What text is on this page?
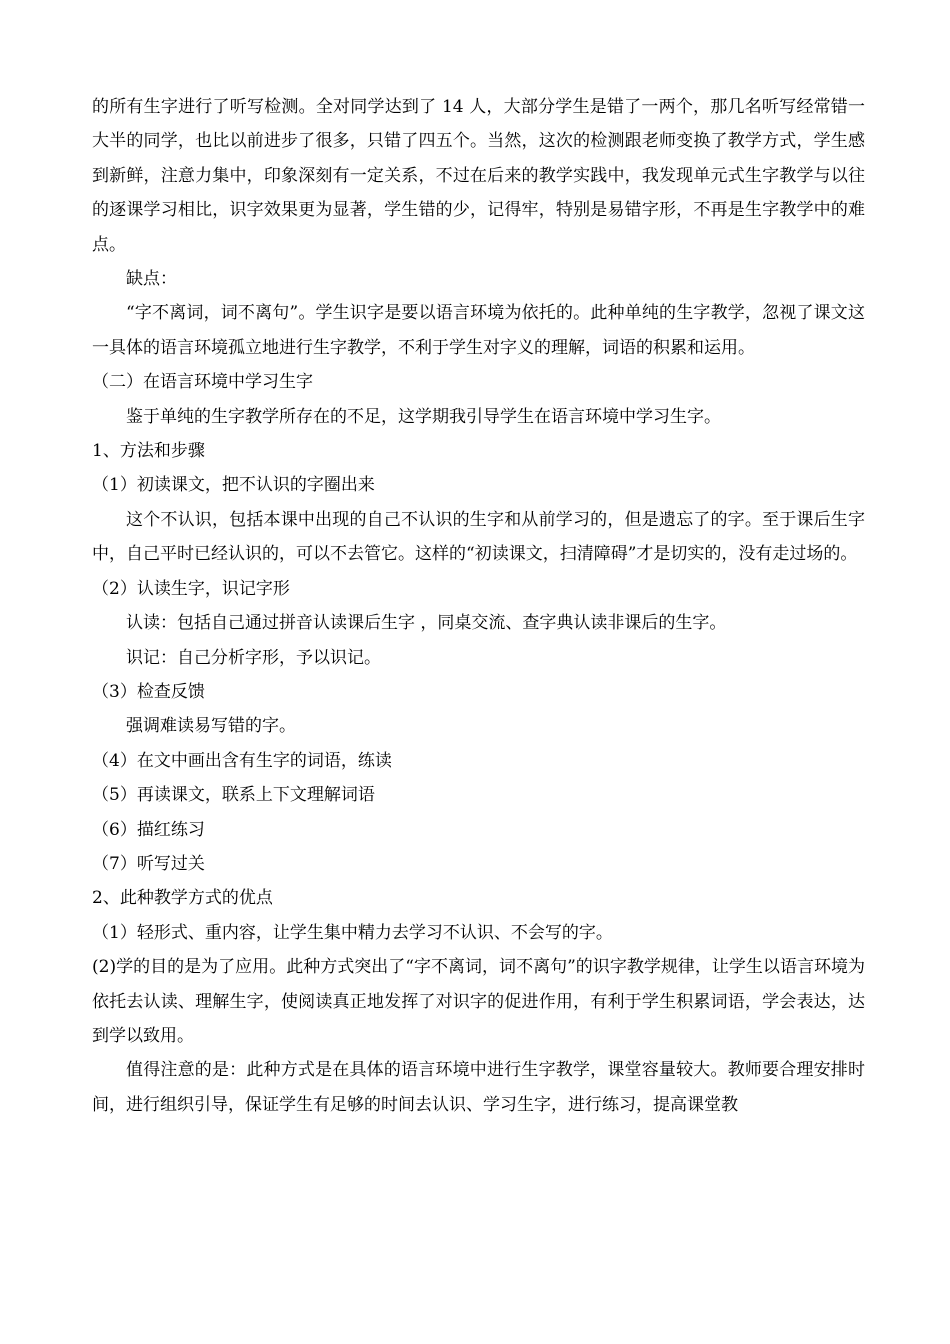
的所有生字进行了听写检测。全对同学达到了 14 人，大部分学生是错了一两个，那几名听写经常错一大半的同学，也比以前进步了很多，只错了四五个。当然，这次的检测跟老师变换了教学方式，学生感到新鲜，注意力集中，印象深刻有一定关系，不过在后来的教学实践中，我发现单元式生字教学与以往的逐课学习相比，识字效果更为显著，学生错的少，记得牢，特别是易错字形，不再是生字教学中的难点。

缺点：

“字不离词，词不离句”。学生识字是要以语言环境为依托的。此种单纯的生字教学，忽视了课文这一具体的语言环境孤立地进行生字教学，不利于学生对字义的理解，词语的积累和运用。

（二）在语言环境中学习生字

鉴于单纯的生字教学所存在的不足，这学期我引导学生在语言环境中学习生字。

1、方法和步骤

（1）初读课文，把不认识的字圈出来

这个不认识，包括本课中出现的自己不认识的生字和从前学习的，但是遗忘了的字。至于课后生字中，自己平时已经认识的，可以不去管它。这样的“初读课文，扫清障碍”才是切实的，没有走过场的。

（2）认读生字，识记字形

认读：包括自己通过拼音认读课后生字 ，同桌交流、查字典认读非课后的生字。

识记：自己分析字形，予以识记。

（3）检查反馈

强调难读易写错的字。

（4）在文中画出含有生字的词语，练读

（5）再读课文，联系上下文理解词语

（6）描红练习

（7）听写过关

2、此种教学方式的优点

（1）轻形式、重内容，让学生集中精力去学习不认识、不会写的字。

(2)学的目的是为了应用。此种方式突出了“字不离词，词不离句”的识字教学规律，让学生以语言环境为依托去认读、理解生字，使阅读真正地发挥了对识字的促进作用，有利于学生积累词语，学会表达，达到学以致用。

值得注意的是：此种方式是在具体的语言环境中进行生字教学，课堂容量较大。教师要合理安排时间，进行组织引导，保证学生有足够的时间去认识、学习生字，进行练习，提高课堂教
